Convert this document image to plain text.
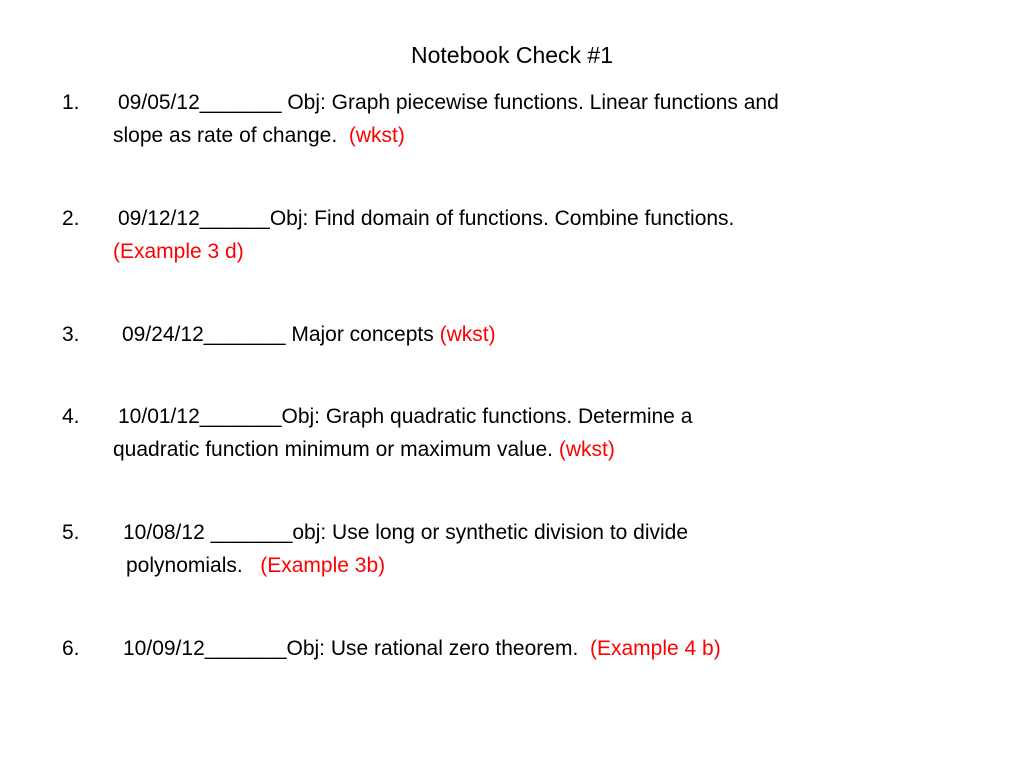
Notebook Check #1
1. 09/05/12_______ Obj: Graph piecewise functions. Linear functions and
slope as rate of change. (wkst)
2. 09/12/12______Obj: Find domain of functions. Combine functions.
(Example 3 d)
3. 09/24/12_______ Major concepts (wkst)
4. 10/01/12_______Obj: Graph quadratic functions. Determine a
quadratic function minimum or maximum value. (wkst)
5. 10/08/12 _______obj: Use long or synthetic division to divide
polynomials. (Example 3b)
6. 10/09/12_______Obj: Use rational zero theorem. (Example 4 b)
